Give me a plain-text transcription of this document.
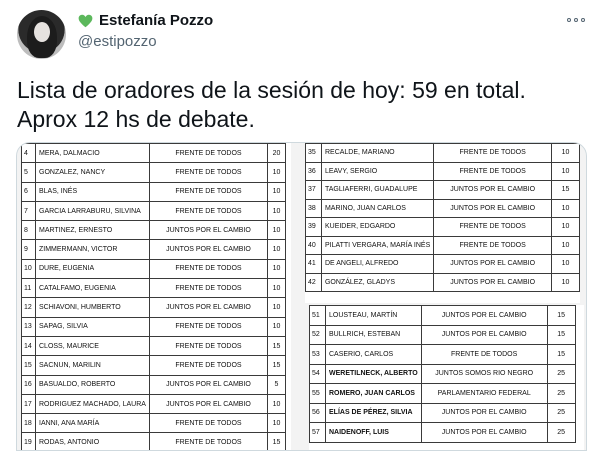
Estefanía Pozzo
@estipozzo
Lista de oradores de la sesión de hoy: 59 en total. Aprox 12 hs de debate.
4	MERA, DALMACIO	FRENTE DE TODOS	20
5	GONZALEZ, NANCY	FRENTE DE TODOS	10
6	BLAS, INÉS	FRENTE DE TODOS	10
7	GARCIA LARRABURU, SILVINA	FRENTE DE TODOS	10
8	MARTINEZ, ERNESTO	JUNTOS POR EL CAMBIO	10
9	ZIMMERMANN, VICTOR	JUNTOS POR EL CAMBIO	10
10	DURE, EUGENIA	FRENTE DE TODOS	10
11	CATALFAMO, EUGENIA	FRENTE DE TODOS	10
12	SCHIAVONI, HUMBERTO	JUNTOS POR EL CAMBIO	10
13	SAPAG, SILVIA	FRENTE DE TODOS	10
14	CLOSS, MAURICE	FRENTE DE TODOS	15
15	SACNUN, MARILIN	FRENTE DE TODOS	15
16	BASUALDO, ROBERTO	JUNTOS POR EL CAMBIO	5
17	RODRIGUEZ MACHADO, LAURA	JUNTOS POR EL CAMBIO	10
18	IANNI, ANA MARÍA	FRENTE DE TODOS	10
19	RODAS, ANTONIO	FRENTE DE TODOS	15
35	RECALDE, MARIANO	FRENTE DE TODOS	10
36	LEAVY, SERGIO	FRENTE DE TODOS	10
37	TAGLIAFERRI, GUADALUPE	JUNTOS POR EL CAMBIO	15
38	MARINO, JUAN CARLOS	JUNTOS POR EL CAMBIO	10
39	KUEIDER, EDGARDO	FRENTE DE TODOS	10
40	PILATTI VERGARA, MARÍA INÉS	FRENTE DE TODOS	10
41	DE ANGELI, ALFREDO	JUNTOS POR EL CAMBIO	10
42	GONZÁLEZ, GLADYS	JUNTOS POR EL CAMBIO	10
51	LOUSTEAU, MARTÍN	JUNTOS POR EL CAMBIO	15
52	BULLRICH, ESTEBAN	JUNTOS POR EL CAMBIO	15
53	CASERIO, CARLOS	FRENTE DE TODOS	15
54	WERETILNECK, ALBERTO	JUNTOS SOMOS RIO NEGRO	25
55	ROMERO, JUAN CARLOS	PARLAMENTARIO FEDERAL	25
56	ELÍAS DE PÉREZ, SILVIA	JUNTOS POR EL CAMBIO	25
57	NAIDENOFF, LUIS	JUNTOS POR EL CAMBIO	25
